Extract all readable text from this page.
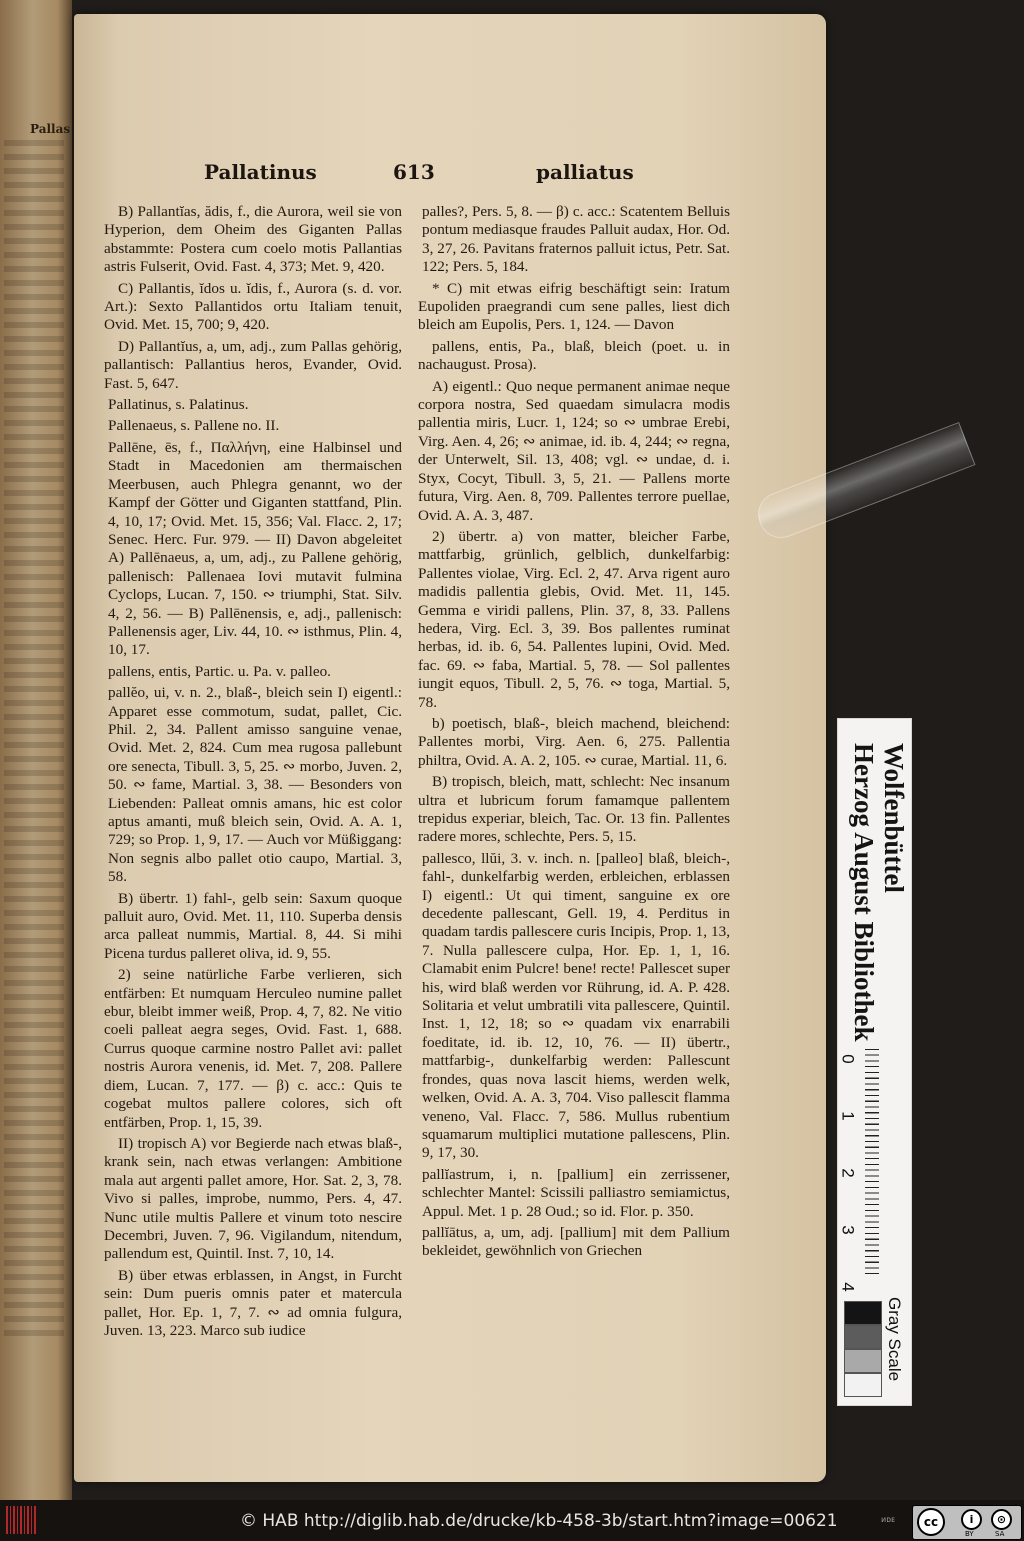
Pallas
Pallatinus	613	palliatus

B) Pallantĭas, ădis, f., die Aurora, weil sie von Hyperion, dem Oheim des Giganten Pallas abstammte: Postera cum coelo motis Pallantias astris Fulserit, Ovid. Fast. 4, 373; Met. 9, 420.

C) Pallantis, ĭdos u. ĭdis, f., Aurora (s. d. vor. Art.): Sexto Pallantidos ortu Italiam tenuit, Ovid. Met. 15, 700; 9, 420.

D) Pallantĭus, a, um, adj., zum Pallas gehörig, pallantisch: Pallantius heros, Evander, Ovid. Fast. 5, 647.

Pallatinus, s. Palatinus.

Pallenaeus, s. Pallene no. II.

Pallēne, ēs, f., Παλλήνη, eine Halbinsel und Stadt in Macedonien am thermaischen Meerbusen, auch Phlegra genannt, wo der Kampf der Götter und Giganten stattfand, Plin. 4, 10, 17; Ovid. Met. 15, 356; Val. Flacc. 2, 17; Senec. Herc. Fur. 979. — II) Davon abgeleitet A) Pallēnaeus, a, um, adj., zu Pallene gehörig, pallenisch: Pallenaea Iovi mutavit fulmina Cyclops, Lucan. 7, 150. ∾ triumphi, Stat. Silv. 4, 2, 56. — B) Pallēnensis, e, adj., pallenisch: Pallenensis ager, Liv. 44, 10. ∾ isthmus, Plin. 4, 10, 17.

pallens, entis, Partic. u. Pa. v. palleo.

pallĕo, ui, v. n. 2., blaß-, bleich sein I) eigentl.: Apparet esse commotum, sudat, pallet, Cic. Phil. 2, 34. Pallent amisso sanguine venae, Ovid. Met. 2, 824. Cum mea rugosa pallebunt ore senecta, Tibull. 3, 5, 25. ∾ morbo, Juven. 2, 50. ∾ fame, Martial. 3, 38. — Besonders von Liebenden: Palleat omnis amans, hic est color aptus amanti, muß bleich sein, Ovid. A. A. 1, 729; so Prop. 1, 9, 17. — Auch vor Müßiggang: Non segnis albo pallet otio caupo, Martial. 3, 58.

B) übertr. 1) fahl-, gelb sein: Saxum quoque palluit auro, Ovid. Met. 11, 110. Superba densis arca palleat nummis, Martial. 8, 44. Si mihi Picena turdus palleret oliva, id. 9, 55.

2) seine natürliche Farbe verlieren, sich entfärben: Et numquam Herculeo numine pallet ebur, bleibt immer weiß, Prop. 4, 7, 82. Ne vitio coeli palleat aegra seges, Ovid. Fast. 1, 688. Currus quoque carmine nostro Pallet avi: pallet nostris Aurora venenis, id. Met. 7, 208. Pallere diem, Lucan. 7, 177. — β) c. acc.: Quis te cogebat multos pallere colores, sich oft entfärben, Prop. 1, 15, 39.

II) tropisch A) vor Begierde nach etwas blaß-, krank sein, nach etwas verlangen: Ambitione mala aut argenti pallet amore, Hor. Sat. 2, 3, 78. Vivo si palles, improbe, nummo, Pers. 4, 47. Nunc utile multis Pallere et vinum toto nescire Decembri, Juven. 7, 96. Vigilandum, nitendum, pallendum est, Quintil. Inst. 7, 10, 14.

B) über etwas erblassen, in Angst, in Furcht sein: Dum pueris omnis pater et matercula pallet, Hor. Ep. 1, 7, 7. ∾ ad omnia fulgura, Juven. 13, 223. Marco sub iudice

palles?, Pers. 5, 8. — β) c. acc.: Scatentem Belluis pontum mediasque fraudes Palluit audax, Hor. Od. 3, 27, 26. Pavitans fraternos palluit ictus, Petr. Sat. 122; Pers. 5, 184.

* C) mit etwas eifrig beschäftigt sein: Iratum Eupoliden praegrandi cum sene palles, liest dich bleich am Eupolis, Pers. 1, 124. — Davon

pallens, entis, Pa., blaß, bleich (poet. u. in nachaugust. Prosa).

A) eigentl.: Quo neque permanent animae neque corpora nostra, Sed quaedam simulacra modis pallentia miris, Lucr. 1, 124; so ∾ umbrae Erebi, Virg. Aen. 4, 26; ∾ animae, id. ib. 4, 244; ∾ regna, der Unterwelt, Sil. 13, 408; vgl. ∾ undae, d. i. Styx, Cocyt, Tibull. 3, 5, 21. — Pallens morte futura, Virg. Aen. 8, 709. Pallentes terrore puellae, Ovid. A. A. 3, 487.

2) übertr. a) von matter, bleicher Farbe, mattfarbig, grünlich, gelblich, dunkelfarbig: Pallentes violae, Virg. Ecl. 2, 47. Arva rigent auro madidis pallentia glebis, Ovid. Met. 11, 145. Gemma e viridi pallens, Plin. 37, 8, 33. Pallens hedera, Virg. Ecl. 3, 39. Bos pallentes ruminat herbas, id. ib. 6, 54. Pallentes lupini, Ovid. Med. fac. 69. ∾ faba, Martial. 5, 78. — Sol pallentes iungit equos, Tibull. 2, 5, 76. ∾ toga, Martial. 5, 78.

b) poetisch, blaß-, bleich machend, bleichend: Pallentes morbi, Virg. Aen. 6, 275. Pallentia philtra, Ovid. A. A. 2, 105. ∾ curae, Martial. 11, 6.

B) tropisch, bleich, matt, schlecht: Nec insanum ultra et lubricum forum famamque pallentem trepidus experiar, bleich, Tac. Or. 13 fin. Pallentes radere mores, schlechte, Pers. 5, 15.

pallesco, llŭi, 3. v. inch. n. [palleo] blaß, bleich-, fahl-, dunkelfarbig werden, erbleichen, erblassen I) eigentl.: Ut qui timent, sanguine ex ore decedente pallescant, Gell. 19, 4. Perditus in quadam tardis pallescere curis Incipis, Prop. 1, 13, 7. Nulla pallescere culpa, Hor. Ep. 1, 1, 16. Clamabit enim Pulcre! bene! recte! Pallescet super his, wird blaß werden vor Rührung, id. A. P. 428. Solitaria et velut umbratili vita pallescere, Quintil. Inst. 1, 12, 18; so ∾ quadam vix enarrabili foeditate, id. ib. 12, 10, 76. — II) übertr., mattfarbig-, dunkelfarbig werden: Pallescunt frondes, quas nova lascit hiems, werden welk, welken, Ovid. A. A. 3, 704. Viso pallescit flamma veneno, Val. Flacc. 7, 586. Mullus rubentium squamarum multiplici mutatione pallescens, Plin. 9, 17, 30.

pallĭastrum, i, n. [pallium] ein zerrissener, schlechter Mantel: Scissili palliastro semiamictus, Appul. Met. 1 p. 28 Oud.; so id. Flor. p. 350.

pallĭātus, a, um, adj. [pallium] mit dem Pallium bekleidet, gewöhnlich von Griechen

Herzog August Bibliothek Wolfenbüttel
0
1
2
3
4
Gray Scale
© HAB http://diglib.hab.de/drucke/kb-458-3b/start.htm?image=00621	ᴎᴅᴇ	cc	i	⊙
BY	SA
